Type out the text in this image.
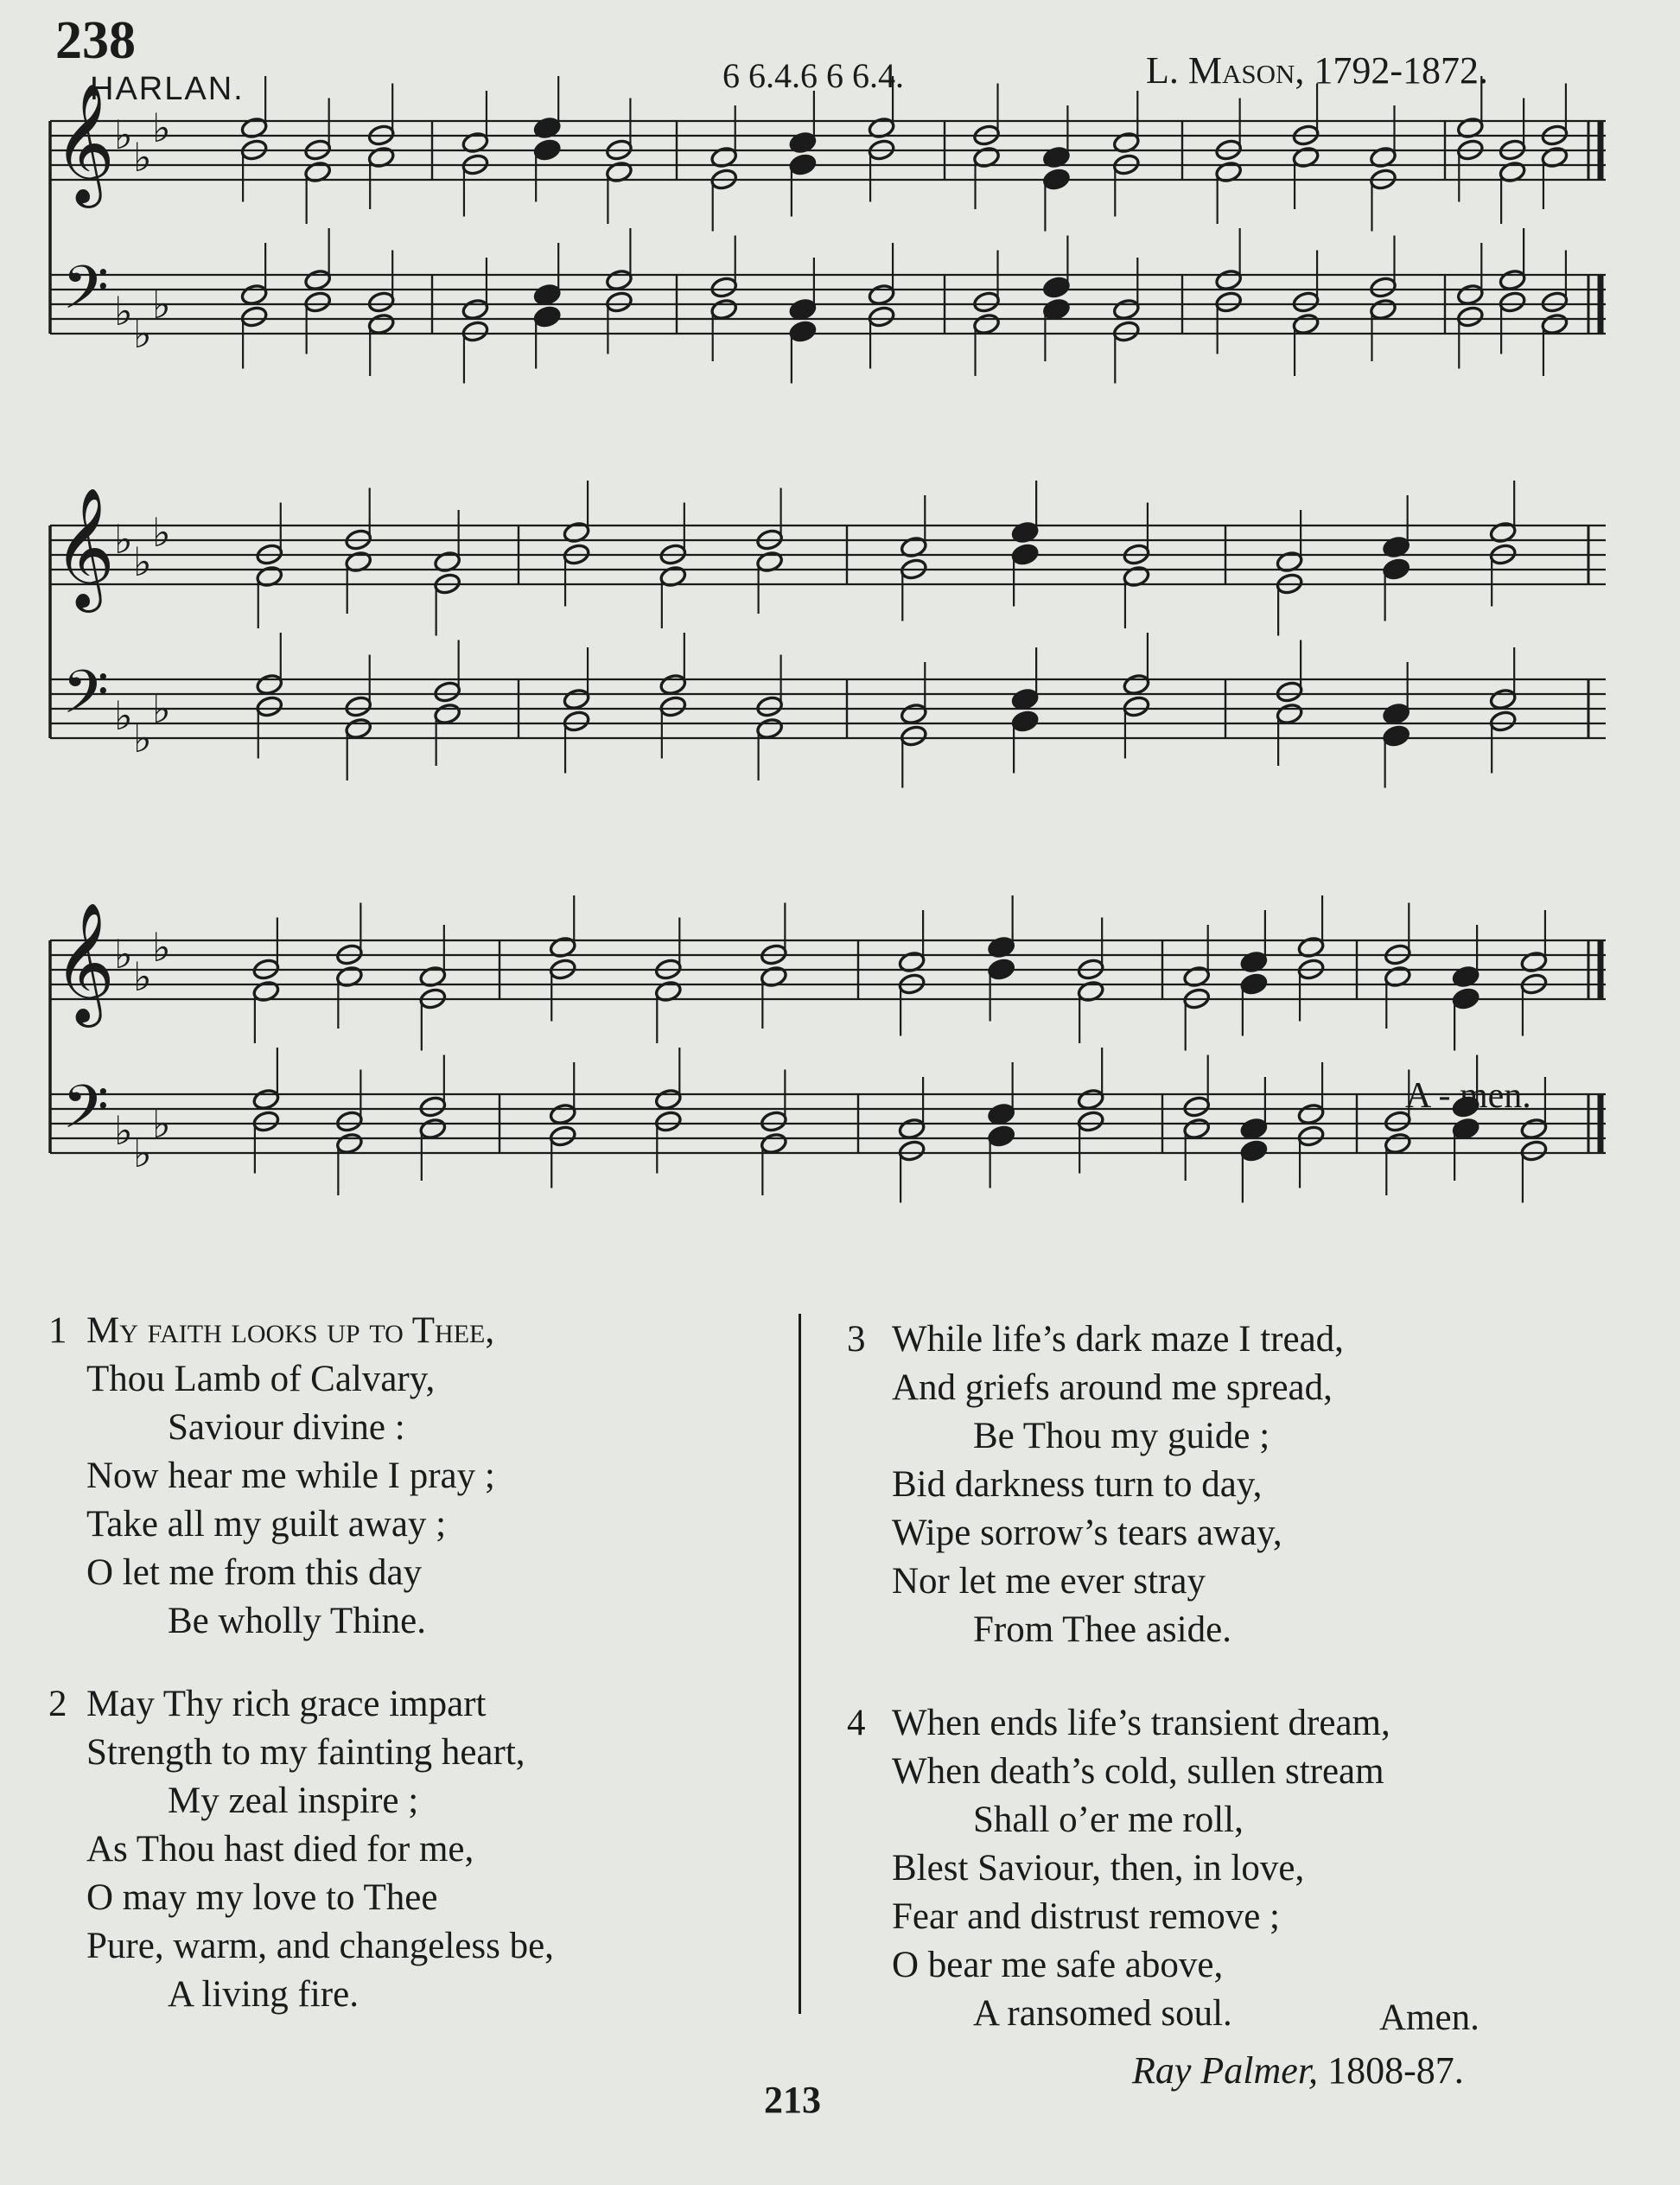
238
HARLAN.	6 6.4.6 6 6.4.	L. Mason, 1792-1872.
𝄞
𝄢
♭ ♭
♭
♭ ♭
♭
𝄞
𝄢
♭ ♭
♭
♭ ♭
♭
𝄞
𝄢
♭ ♭
♭
♭ ♭
♭
A - men.
1 My faith looks up to Thee,
Thou Lamb of Calvary,
Saviour divine :
Now hear me while I pray ;
Take all my guilt away ;
O let me from this day
Be wholly Thine.
2 May Thy rich grace impart
Strength to my fainting heart,
My zeal inspire ;
As Thou hast died for me,
O may my love to Thee
Pure, warm, and changeless be,
A living fire.
3 While life’s dark maze I tread,
And griefs around me spread,
Be Thou my guide ;
Bid darkness turn to day,
Wipe sorrow’s tears away,
Nor let me ever stray
From Thee aside.
4 When ends life’s transient dream,
When death’s cold, sullen stream
Shall o’er me roll,
Blest Saviour, then, in love,
Fear and distrust remove ;
O bear me safe above,
A ransomed soul.	Amen.
Ray Palmer, 1808-87.
213
